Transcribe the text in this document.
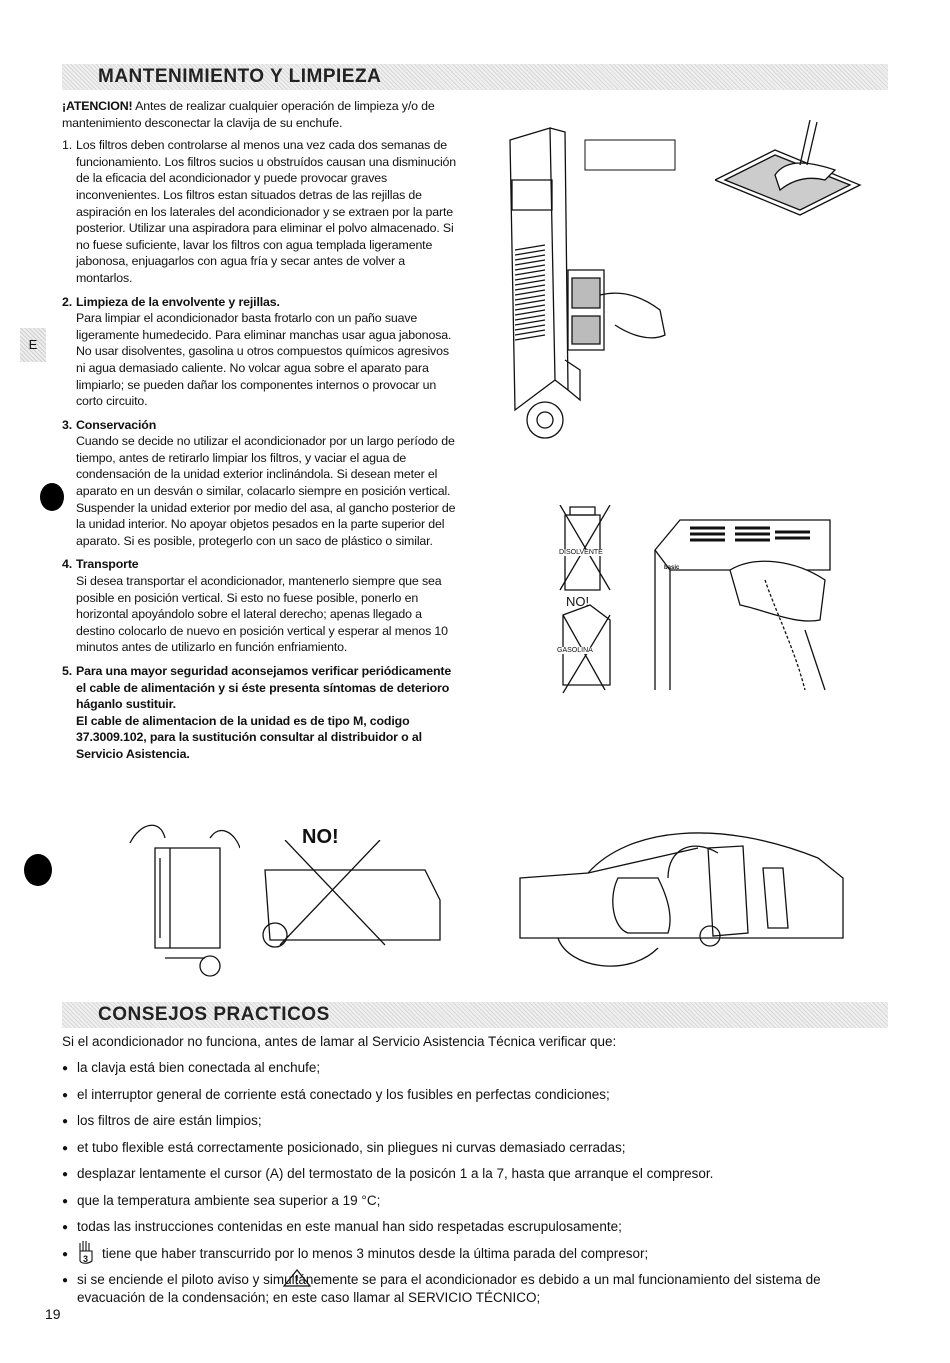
MANTENIMIENTO Y LIMPIEZA
E

¡ATENCION! Antes de realizar cualquier operación de limpieza y/o de mantenimiento desconectar la clavija de su enchufe.

1. Los filtros deben controlarse al menos una vez cada dos semanas de funcionamiento. Los filtros sucios u obstruídos causan una disminución de la eficacia del acondicionador y puede provocar graves inconvenientes. Los filtros estan situados detras de las rejillas de aspiración en los laterales del acondicionador y se extraen por la parte posterior. Utilizar una aspiradora para eliminar el polvo almacenado. Si no fuese suficiente, lavar los filtros con agua templada ligeramente jabonosa, enjuagarlos con agua fría y secar antes de volver a montarlos.
2. Limpieza de la envolvente y rejillas.
Para limpiar el acondicionador basta frotarlo con un paño suave ligeramente humedecido. Para eliminar manchas usar agua jabonosa. No usar disolventes, gasolina u otros compuestos químicos agresivos ni agua demasiado caliente. No volcar agua sobre el aparato para limpiarlo; se pueden dañar los componentes internos o provocar un corto circuito.
3. Conservación
Cuando se decide no utilizar el acondicionador por un largo período de tiempo, antes de retirarlo limpiar los filtros, y vaciar el agua de condensación de la unidad exterior inclinándola. Si desean meter el aparato en un desván o similar, colacarlo siempre en posición vertical. Suspender la unidad exterior por medio del asa, al gancho posterior de la unidad interior. No apoyar objetos pesados en la parte superior del aparato. Si es posible, protegerlo con un saco de plástico o similar.
4. Transporte
Si desea transportar el acondicionador, mantenerlo siempre que sea posible en posición vertical. Si esto no fuese posible, ponerlo en horizontal apoyándolo sobre el lateral derecho; apenas llegado a destino colocarlo de nuevo en posición vertical y esperar al menos 10 minutos antes de utilizarlo en función enfriamiento.
5. Para una mayor seguridad aconsejamos verificar periódicamente el cable de alimentación y si éste presenta síntomas de deterioro háganlo sustituir.
El cable de alimentacion de la unidad es de tipo M, codigo 37.3009.102, para la sustitución consultar al distribuidor o al Servicio Asistencia.
DISOLVENTE
NO!
GASOLINA
basic
NO!
CONSEJOS PRACTICOS

Si el acondicionador no funciona, antes de lamar al Servicio Asistencia Técnica verificar que:

● la clavja está bien conectada al enchufe;
● el interruptor general de corriente está conectado y los fusibles en perfectas condiciones;
● los filtros de aire están limpios;
● et tubo flexible está correctamente posicionado, sin pliegues ni curvas demasiado cerradas;
● desplazar lentamente el cursor (A) del termostato de la posicón 1 a la 7, hasta que arranque el compresor.
● que la temperatura ambiente sea superior a 19 °C;
● todas las instrucciones contenidas en este manual han sido respetadas escrupulosamente;
● 3 tiene que haber transcurrido por lo menos 3 minutos desde la última parada del compresor;
● si se enciende el piloto aviso y simultánemente se para el acondicionador es debido a un mal funcionamiento del sistema de evacuación de la condensación; en este caso llamar al SERVICIO TÉCNICO;
19
